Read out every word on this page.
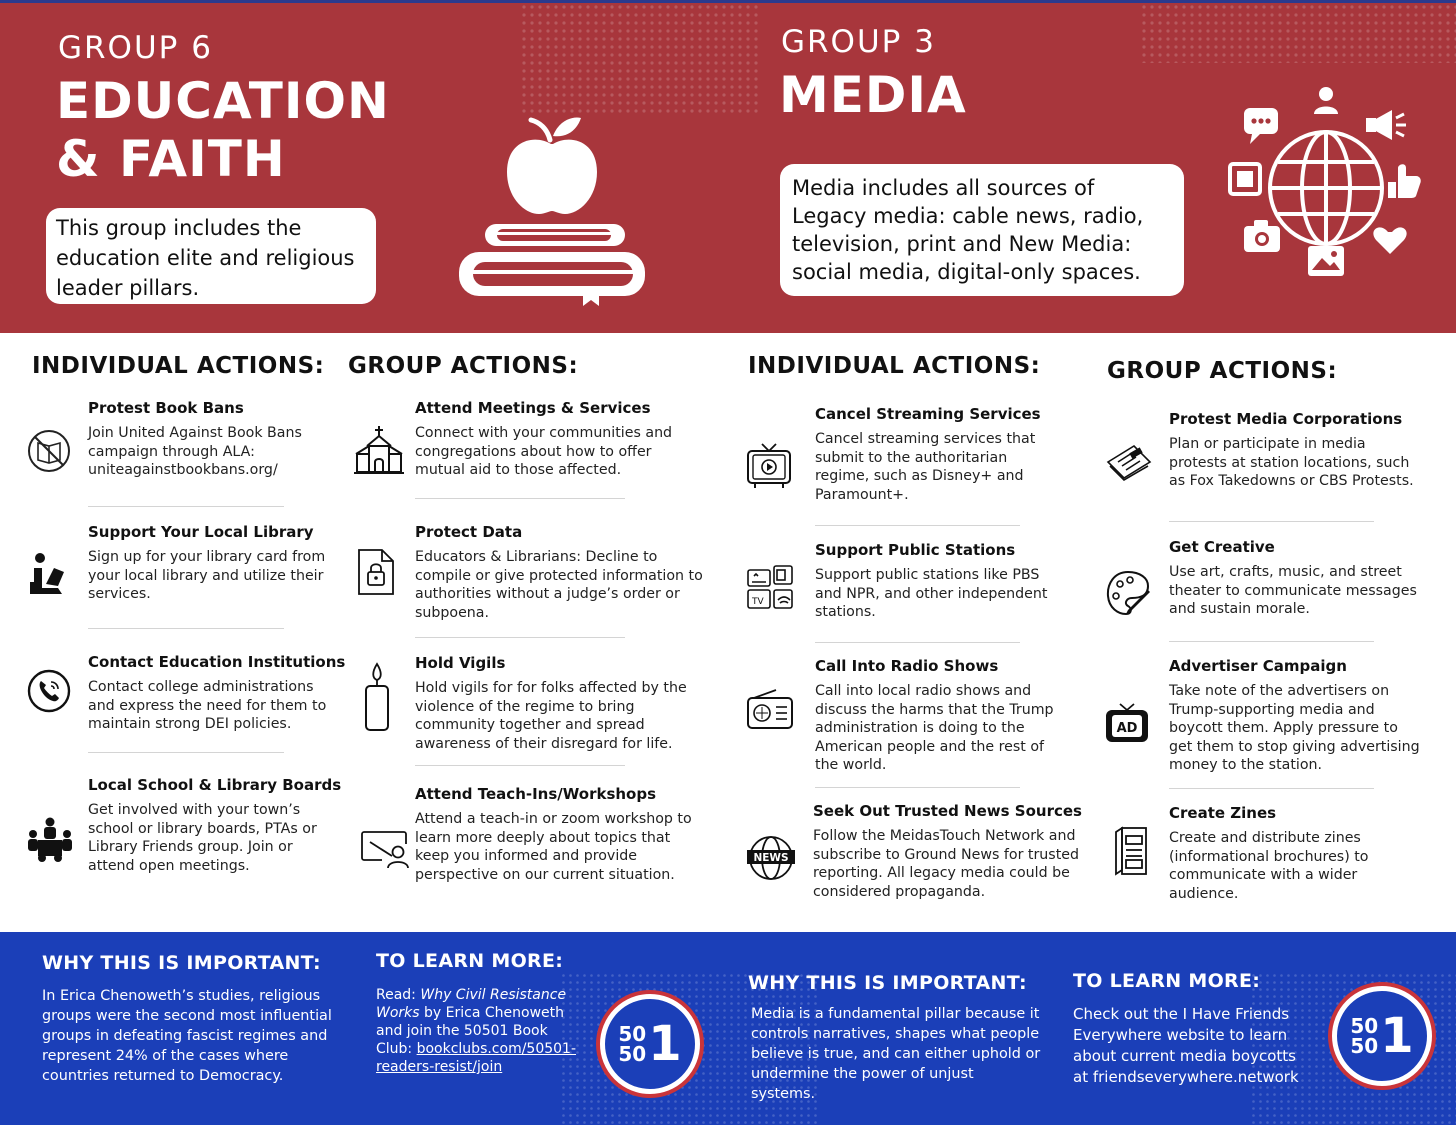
GROUP 6
EDUCATION
& FAITH
This group includes the education elite and religious leader pillars.
GROUP 3
MEDIA
Media includes all sources of Legacy media: cable news, radio, television, print and New Media: social media, digital-only spaces.
INDIVIDUAL ACTIONS: GROUP ACTIONS:	INDIVIDUAL ACTIONS:	GROUP ACTIONS:
Protest Book Bans
Join United Against Book Bans campaign through ALA: uniteagainstbookbans.org/
Support Your Local Library
Sign up for your library card from your local library and utilize their services.
Contact Education Institutions
Contact college administrations and express the need for them to maintain strong DEI policies.
Local School & Library Boards
Get involved with your town’s school or library boards, PTAs or Library Friends group. Join or attend open meetings.
Attend Meetings & Services
Connect with your communities and congregations about how to offer mutual aid to those affected.
Protect Data
Educators & Librarians: Decline to compile or give protected information to authorities without a judge’s order or subpoena.
Hold Vigils
Hold vigils for for folks affected by the violence of the regime to bring community together and spread awareness of their disregard for life.
Attend Teach-Ins/Workshops
Attend a teach-in or zoom workshop to learn more deeply about topics that keep you informed and provide perspective on our current situation.
Cancel Streaming Services
Cancel streaming services that submit to the authoritarian regime, such as Disney+ and Paramount+.
TV
Support Public Stations
Support public stations like PBS and NPR, and other independent stations.
Call Into Radio Shows
Call into local radio shows and discuss the harms that the Trump administration is doing to the American people and the rest of the world.
NEWS
Seek Out Trusted News Sources
Follow the MeidasTouch Network and subscribe to Ground News for trusted reporting. All legacy media could be considered propaganda.
Protest Media Corporations
Plan or participate in media protests at station locations, such as Fox Takedowns or CBS Protests.
Get Creative
Use art, crafts, music, and street theater to communicate messages and sustain morale.
AD
Advertiser Campaign
Take note of the advertisers on Trump-supporting media and boycott them. Apply pressure to get them to stop giving advertising money to the station.
Create Zines
Create and distribute zines (informational brochures) to communicate with a wider audience.
WHY THIS IS IMPORTANT:
In Erica Chenoweth’s studies, religious groups were the second most influential groups in defeating fascist regimes and represent 24% of the cases where countries returned to Democracy.
TO LEARN MORE:
Read: Why Civil Resistance Works by Erica Chenoweth and join the 50501 Book Club: bookclubs.com/50501-readers-resist/join
50
50 1
WHY THIS IS IMPORTANT:
Media is a fundamental pillar because it controls narratives, shapes what people believe is true, and can either uphold or undermine the power of unjust systems.
TO LEARN MORE:
Check out the I Have Friends Everywhere website to learn about current media boycotts at friendseverywhere.network
50
50 1
